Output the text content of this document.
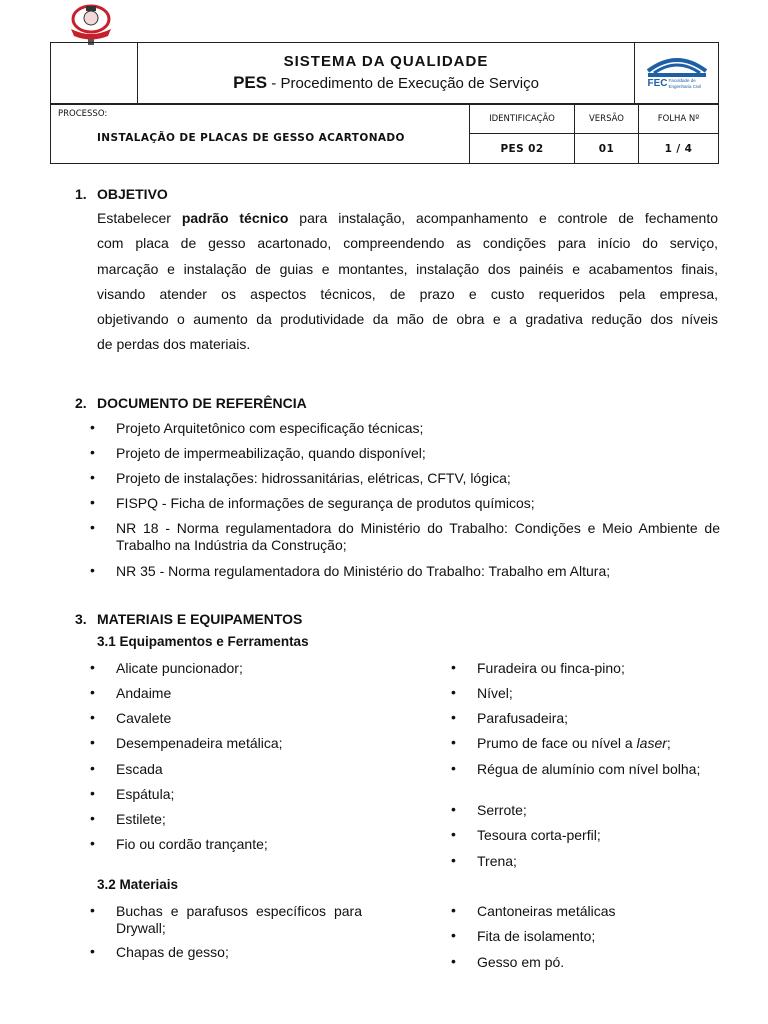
SISTEMA DA QUALIDADE
PES - Procedimento de Execução de Serviço	FEC Faculdade de
Engenharia Civil
PROCESSO:
INSTALAÇÃO DE PLACAS DE GESSO ACARTONADO	IDENTIFICAÇÃO	VERSÃO	FOLHA Nº
	PES 02	01	1 / 4
1. OBJETIVO
Estabelecer padrão técnico para instalação, acompanhamento e controle de fechamento
com placa de gesso acartonado, compreendendo as condições para início do serviço,
marcação e instalação de guias e montantes, instalação dos painéis e acabamentos finais,
visando atender os aspectos técnicos, de prazo e custo requeridos pela empresa,
objetivando o aumento da produtividade da mão de obra e a gradativa redução dos níveis
de perdas dos materiais.
2. DOCUMENTO DE REFERÊNCIA
• Projeto Arquitetônico com especificação técnicas;
• Projeto de impermeabilização, quando disponível;
• Projeto de instalações: hidrossanitárias, elétricas, CFTV, lógica;
• FISPQ - Ficha de informações de segurança de produtos químicos;
• NR 18 - Norma regulamentadora do Ministério do Trabalho: Condições e Meio Ambiente de Trabalho na Indústria da Construção;
• NR 35 - Norma regulamentadora do Ministério do Trabalho: Trabalho em Altura;
3. MATERIAIS E EQUIPAMENTOS
3.1 Equipamentos e Ferramentas
• Alicate puncionador;
• Andaime
• Cavalete
• Desempenadeira metálica;
• Escada
• Espátula;
• Estilete;
• Fio ou cordão trançante;
• Furadeira ou finca-pino;
• Nível;
• Parafusadeira;
• Prumo de face ou nível a laser;
• Régua de alumínio com nível bolha;
• Serrote;
• Tesoura corta-perfil;
• Trena;
3.2 Materiais
• Buchas e parafusos específicos para Drywall;
• Chapas de gesso;
• Cantoneiras metálicas
• Fita de isolamento;
• Gesso em pó.
